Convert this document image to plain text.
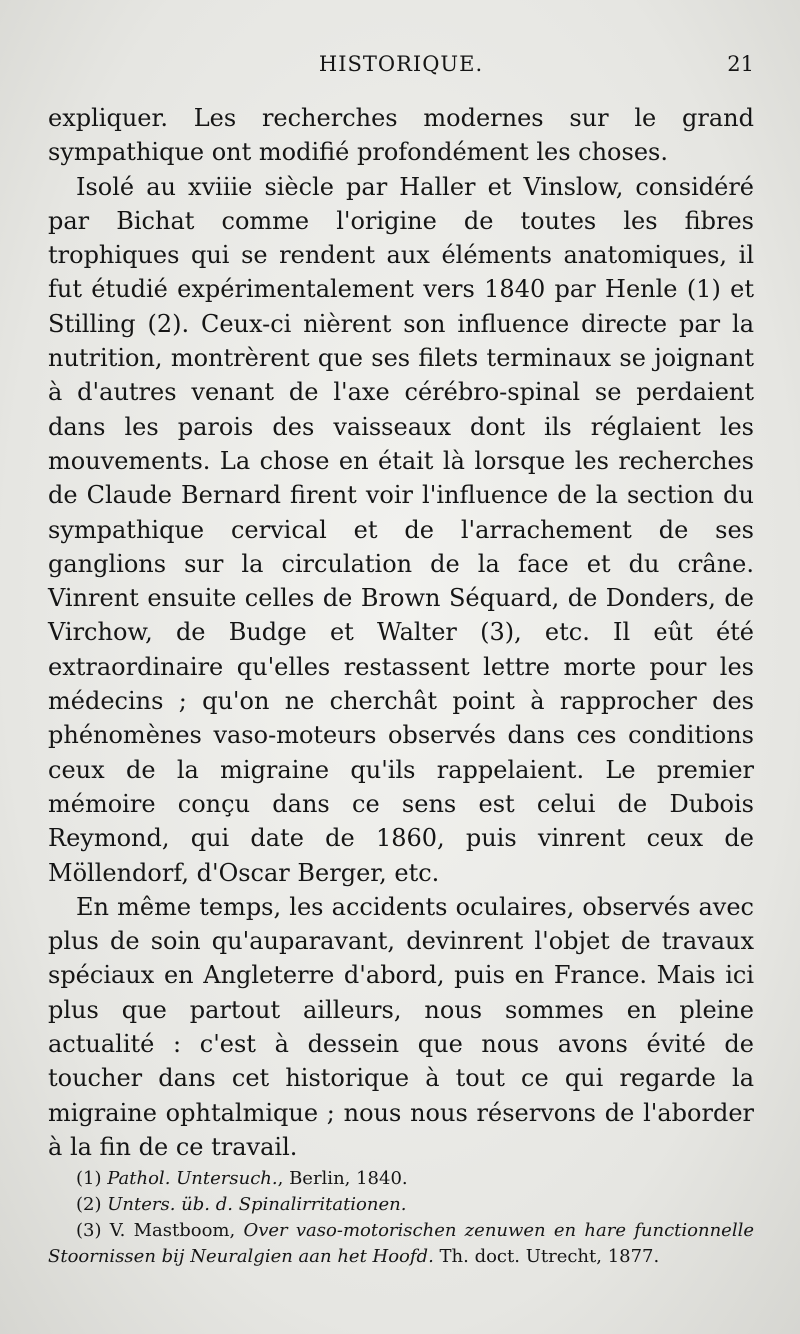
HISTORIQUE.	21

expliquer. Les recherches modernes sur le grand sympathique ont modifié profondément les choses.

Isolé au xviiie siècle par Haller et Vinslow, considéré par Bichat comme l'origine de toutes les fibres trophiques qui se rendent aux éléments anatomiques, il fut étudié expérimentalement vers 1840 par Henle (1) et Stilling (2). Ceux-ci nièrent son influence directe par la nutrition, montrèrent que ses filets terminaux se joignant à d'autres venant de l'axe cérébro-spinal se perdaient dans les parois des vaisseaux dont ils réglaient les mouvements. La chose en était là lorsque les recherches de Claude Bernard firent voir l'influence de la section du sympathique cervical et de l'arrachement de ses ganglions sur la circulation de la face et du crâne. Vinrent ensuite celles de Brown Séquard, de Donders, de Virchow, de Budge et Walter (3), etc. Il eût été extraordinaire qu'elles restassent lettre morte pour les médecins ; qu'on ne cherchât point à rapprocher des phénomènes vaso-moteurs observés dans ces conditions ceux de la migraine qu'ils rappelaient. Le premier mémoire conçu dans ce sens est celui de Dubois Reymond, qui date de 1860, puis vinrent ceux de Möllendorf, d'Oscar Berger, etc.

En même temps, les accidents oculaires, observés avec plus de soin qu'auparavant, devinrent l'objet de travaux spéciaux en Angleterre d'abord, puis en France. Mais ici plus que partout ailleurs, nous sommes en pleine actualité : c'est à dessein que nous avons évité de toucher dans cet historique à tout ce qui regarde la migraine ophtalmique ; nous nous réservons de l'aborder à la fin de ce travail.

(1) Pathol. Untersuch., Berlin, 1840.

(2) Unters. üb. d. Spinalirritationen.

(3) V. Mastboom, Over vaso-motorischen zenuwen en hare functionnelle Stoornissen bij Neuralgien aan het Hoofd. Th. doct. Utrecht, 1877.
